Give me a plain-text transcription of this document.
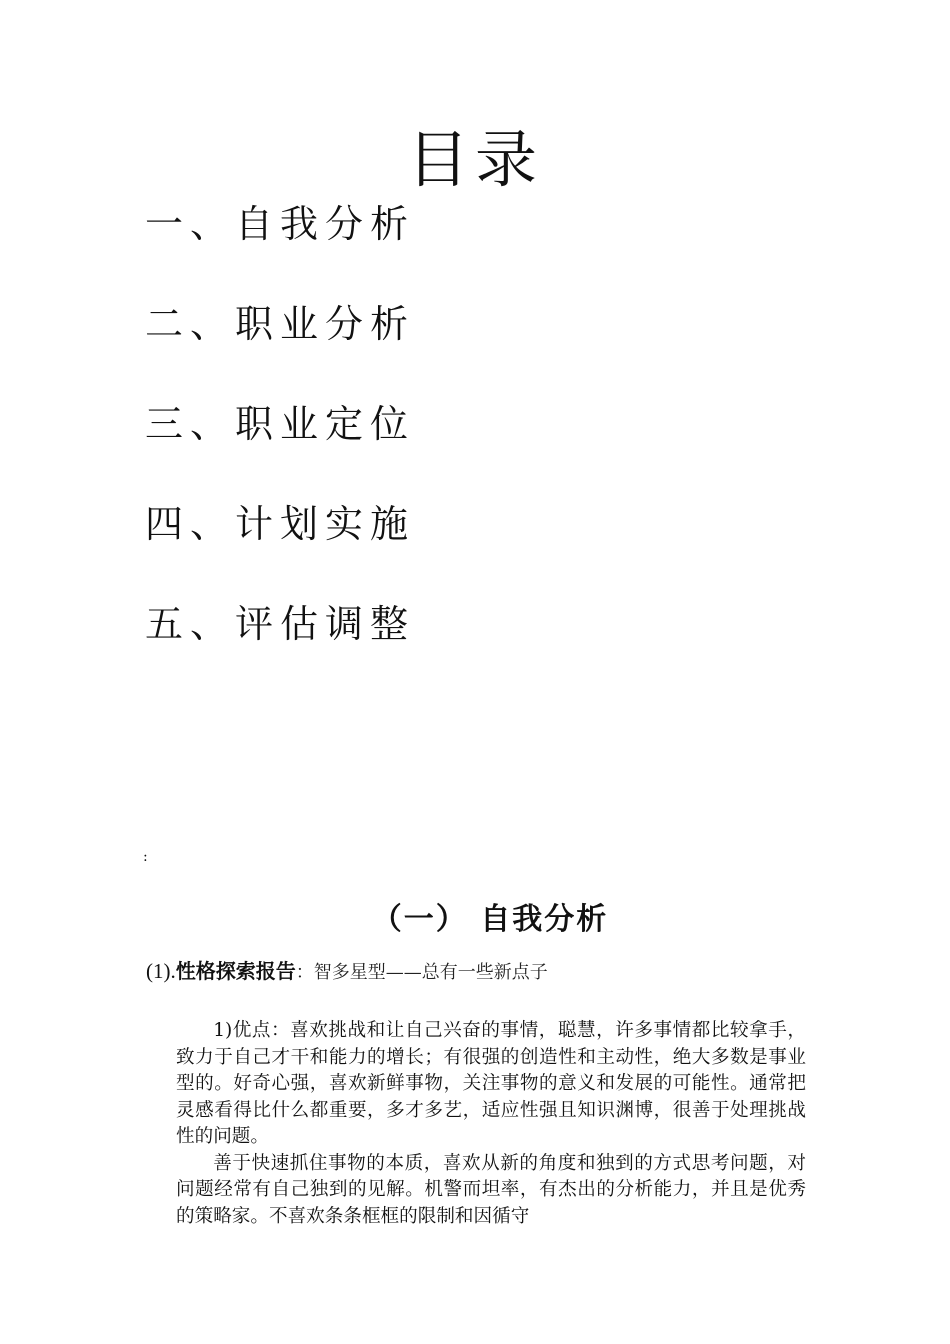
目录
一、自我分析
二、职业分析
三、职业定位
四、计划实施
五、评估调整
:
（一） 自我分析
(1).性格探索报告：智多星型——总有一些新点子

1)优点：喜欢挑战和让自己兴奋的事情，聪慧，许多事情都比较拿手，致力于自己才干和能力的增长；有很强的创造性和主动性，绝大多数是事业型的。好奇心强，喜欢新鲜事物，关注事物的意义和发展的可能性。通常把灵感看得比什么都重要，多才多艺，适应性强且知识渊博，很善于处理挑战性的问题。

善于快速抓住事物的本质，喜欢从新的角度和独到的方式思考问题，对问题经常有自己独到的见解。机警而坦率，有杰出的分析能力，并且是优秀的策略家。不喜欢条条框框的限制和因循守
